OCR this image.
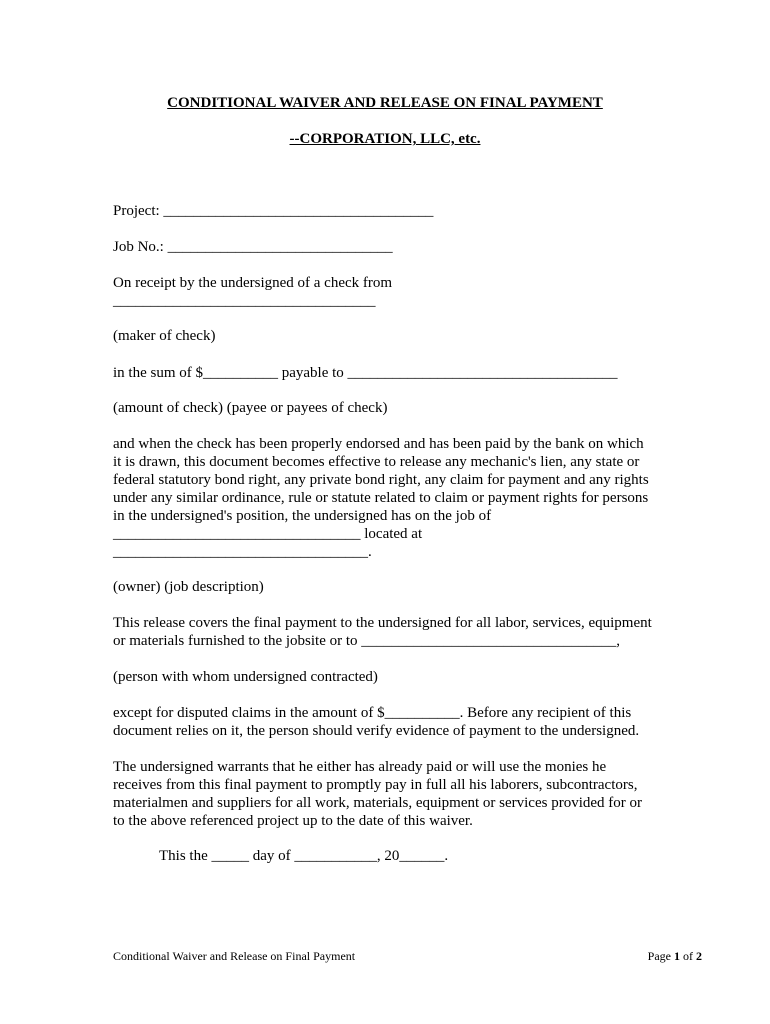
CONDITIONAL WAIVER AND RELEASE ON FINAL PAYMENT
--CORPORATION, LLC, etc.
Project: ____________________________________
Job No.: ______________________________
On receipt by the undersigned of a check from
___________________________________
(maker of check)
in the sum of $__________ payable to ____________________________________
(amount of check) (payee or payees of check)
and when the check has been properly endorsed and has been paid by the bank on which
it is drawn, this document becomes effective to release any mechanic's lien, any state or
federal statutory bond right, any private bond right, any claim for payment and any rights
under any similar ordinance, rule or statute related to claim or payment rights for persons
in the undersigned's position, the undersigned has on the job of
_________________________________ located at
__________________________________.
(owner) (job description)
This release covers the final payment to the undersigned for all labor, services, equipment
or materials furnished to the jobsite or to __________________________________,
(person with whom undersigned contracted)
except for disputed claims in the amount of $__________. Before any recipient of this
document relies on it, the person should verify evidence of payment to the undersigned.
The undersigned warrants that he either has already paid or will use the monies he
receives from this final payment to promptly pay in full all his laborers, subcontractors,
materialmen and suppliers for all work, materials, equipment or services provided for or
to the above referenced project up to the date of this waiver.
This the _____ day of ___________, 20______.
Conditional Waiver and Release on Final Payment	Page 1 of 2
